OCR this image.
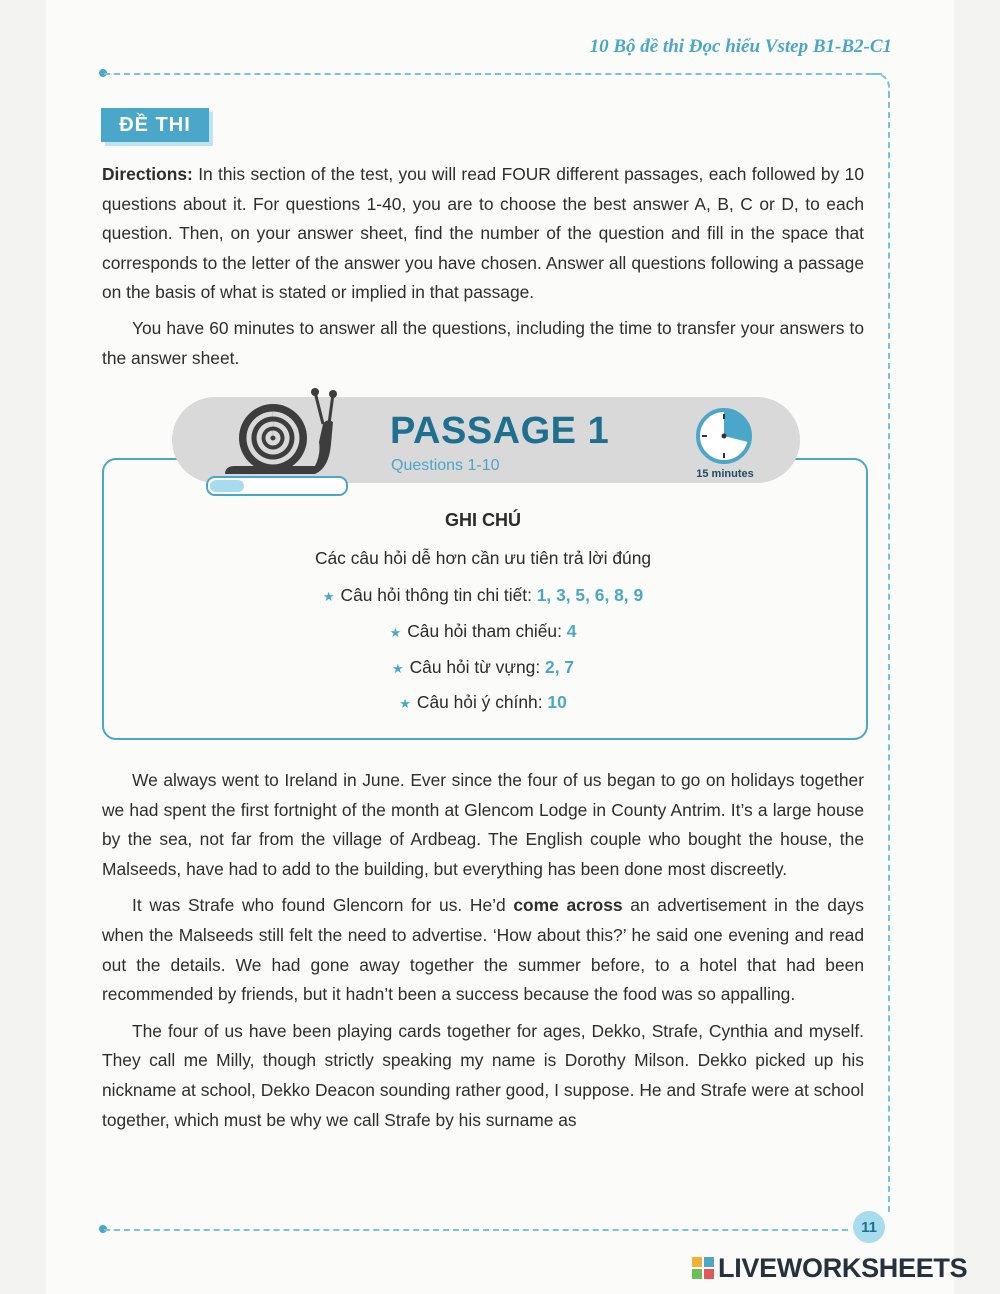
10 Bộ đề thi Đọc hiểu Vstep B1-B2-C1
ĐỀ THI

Directions: In this section of the test, you will read FOUR different passages, each followed by 10 questions about it. For questions 1-40, you are to choose the best answer A, B, C or D, to each question. Then, on your answer sheet, find the number of the question and fill in the space that corresponds to the letter of the answer you have chosen. Answer all questions following a passage on the basis of what is stated or implied in that passage.

You have 60 minutes to answer all the questions, including the time to transfer your answers to the answer sheet.

PASSAGE 1
Questions 1-10	15 minutes
GHI CHÚ
Các câu hỏi dễ hơn cần ưu tiên trả lời đúng
★ Câu hỏi thông tin chi tiết: 1, 3, 5, 6, 8, 9
★ Câu hỏi tham chiếu: 4
★ Câu hỏi từ vựng: 2, 7
★ Câu hỏi ý chính: 10

We always went to Ireland in June. Ever since the four of us began to go on holidays together we had spent the first fortnight of the month at Glencom Lodge in County Antrim. It’s a large house by the sea, not far from the village of Ardbeag. The English couple who bought the house, the Malseeds, have had to add to the building, but everything has been done most discreetly.

It was Strafe who found Glencorn for us. He’d come across an advertisement in the days when the Malseeds still felt the need to advertise. ‘How about this?’ he said one evening and read out the details. We had gone away together the summer before, to a hotel that had been recommended by friends, but it hadn’t been a success because the food was so appalling.

The four of us have been playing cards together for ages, Dekko, Strafe, Cynthia and myself. They call me Milly, though strictly speaking my name is Dorothy Milson. Dekko picked up his nickname at school, Dekko Deacon sounding rather good, I suppose. He and Strafe were at school together, which must be why we call Strafe by his surname as

11
LIVEWORKSHEETS
